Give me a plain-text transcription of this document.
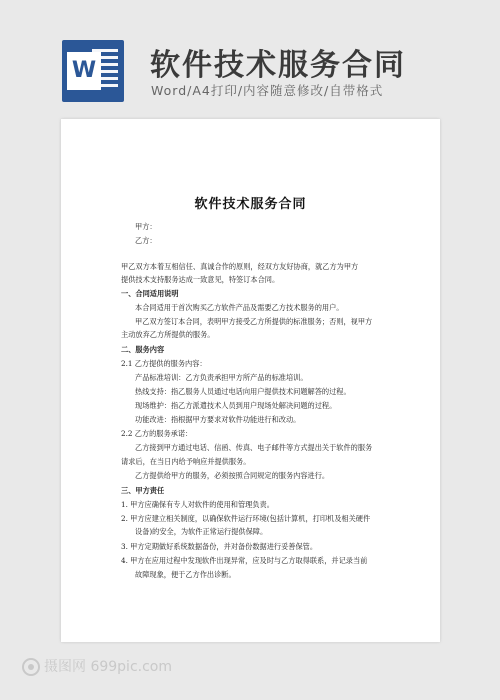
W 软件技术服务合同
Word/A4打印/内容随意修改/自带格式
软件技术服务合同
甲方：
乙方：
甲乙双方本着互相信任、真诚合作的原则，经双方友好协商，就乙方为甲方
提供技术支持服务达成一致意见，特签订本合同。
一、合同适用说明
本合同适用于首次购买乙方软件产品及需要乙方技术服务的用户。
甲乙双方签订本合同，表明甲方接受乙方所提供的标准服务；否则，视甲方
主动放弃乙方所提供的服务。
二、服务内容
2.1 乙方提供的服务内容：
产品标准培训：乙方负责承担甲方所产品的标准培训。
热线支持：指乙服务人员通过电话向用户提供技术问题解答的过程。
现场维护：指乙方派遣技术人员到用户现场处解决问题的过程。
功能改进：指根据甲方要求对软件功能进行和改动。
2.2 乙方的服务承诺：
乙方接到甲方通过电话、信函、传真、电子邮件等方式提出关于软件的服务
请求后，在当日内给予响应并提供服务。
乙方提供给甲方的服务，必须按照合同规定的服务内容进行。
三、甲方责任
1. 甲方应确保有专人对软件的使用和管理负责。
2. 甲方应建立相关制度，以确保软件运行环境(包括计算机，打印机及相关硬件
设备)的安全，为软件正常运行提供保障。
3. 甲方定期做好系统数据备份，并对备份数据进行妥善保管。
4. 甲方在应用过程中发现软件出现异常，应及时与乙方取得联系，并记录当前
故障现象，便于乙方作出诊断。
摄图网 699pic.com
